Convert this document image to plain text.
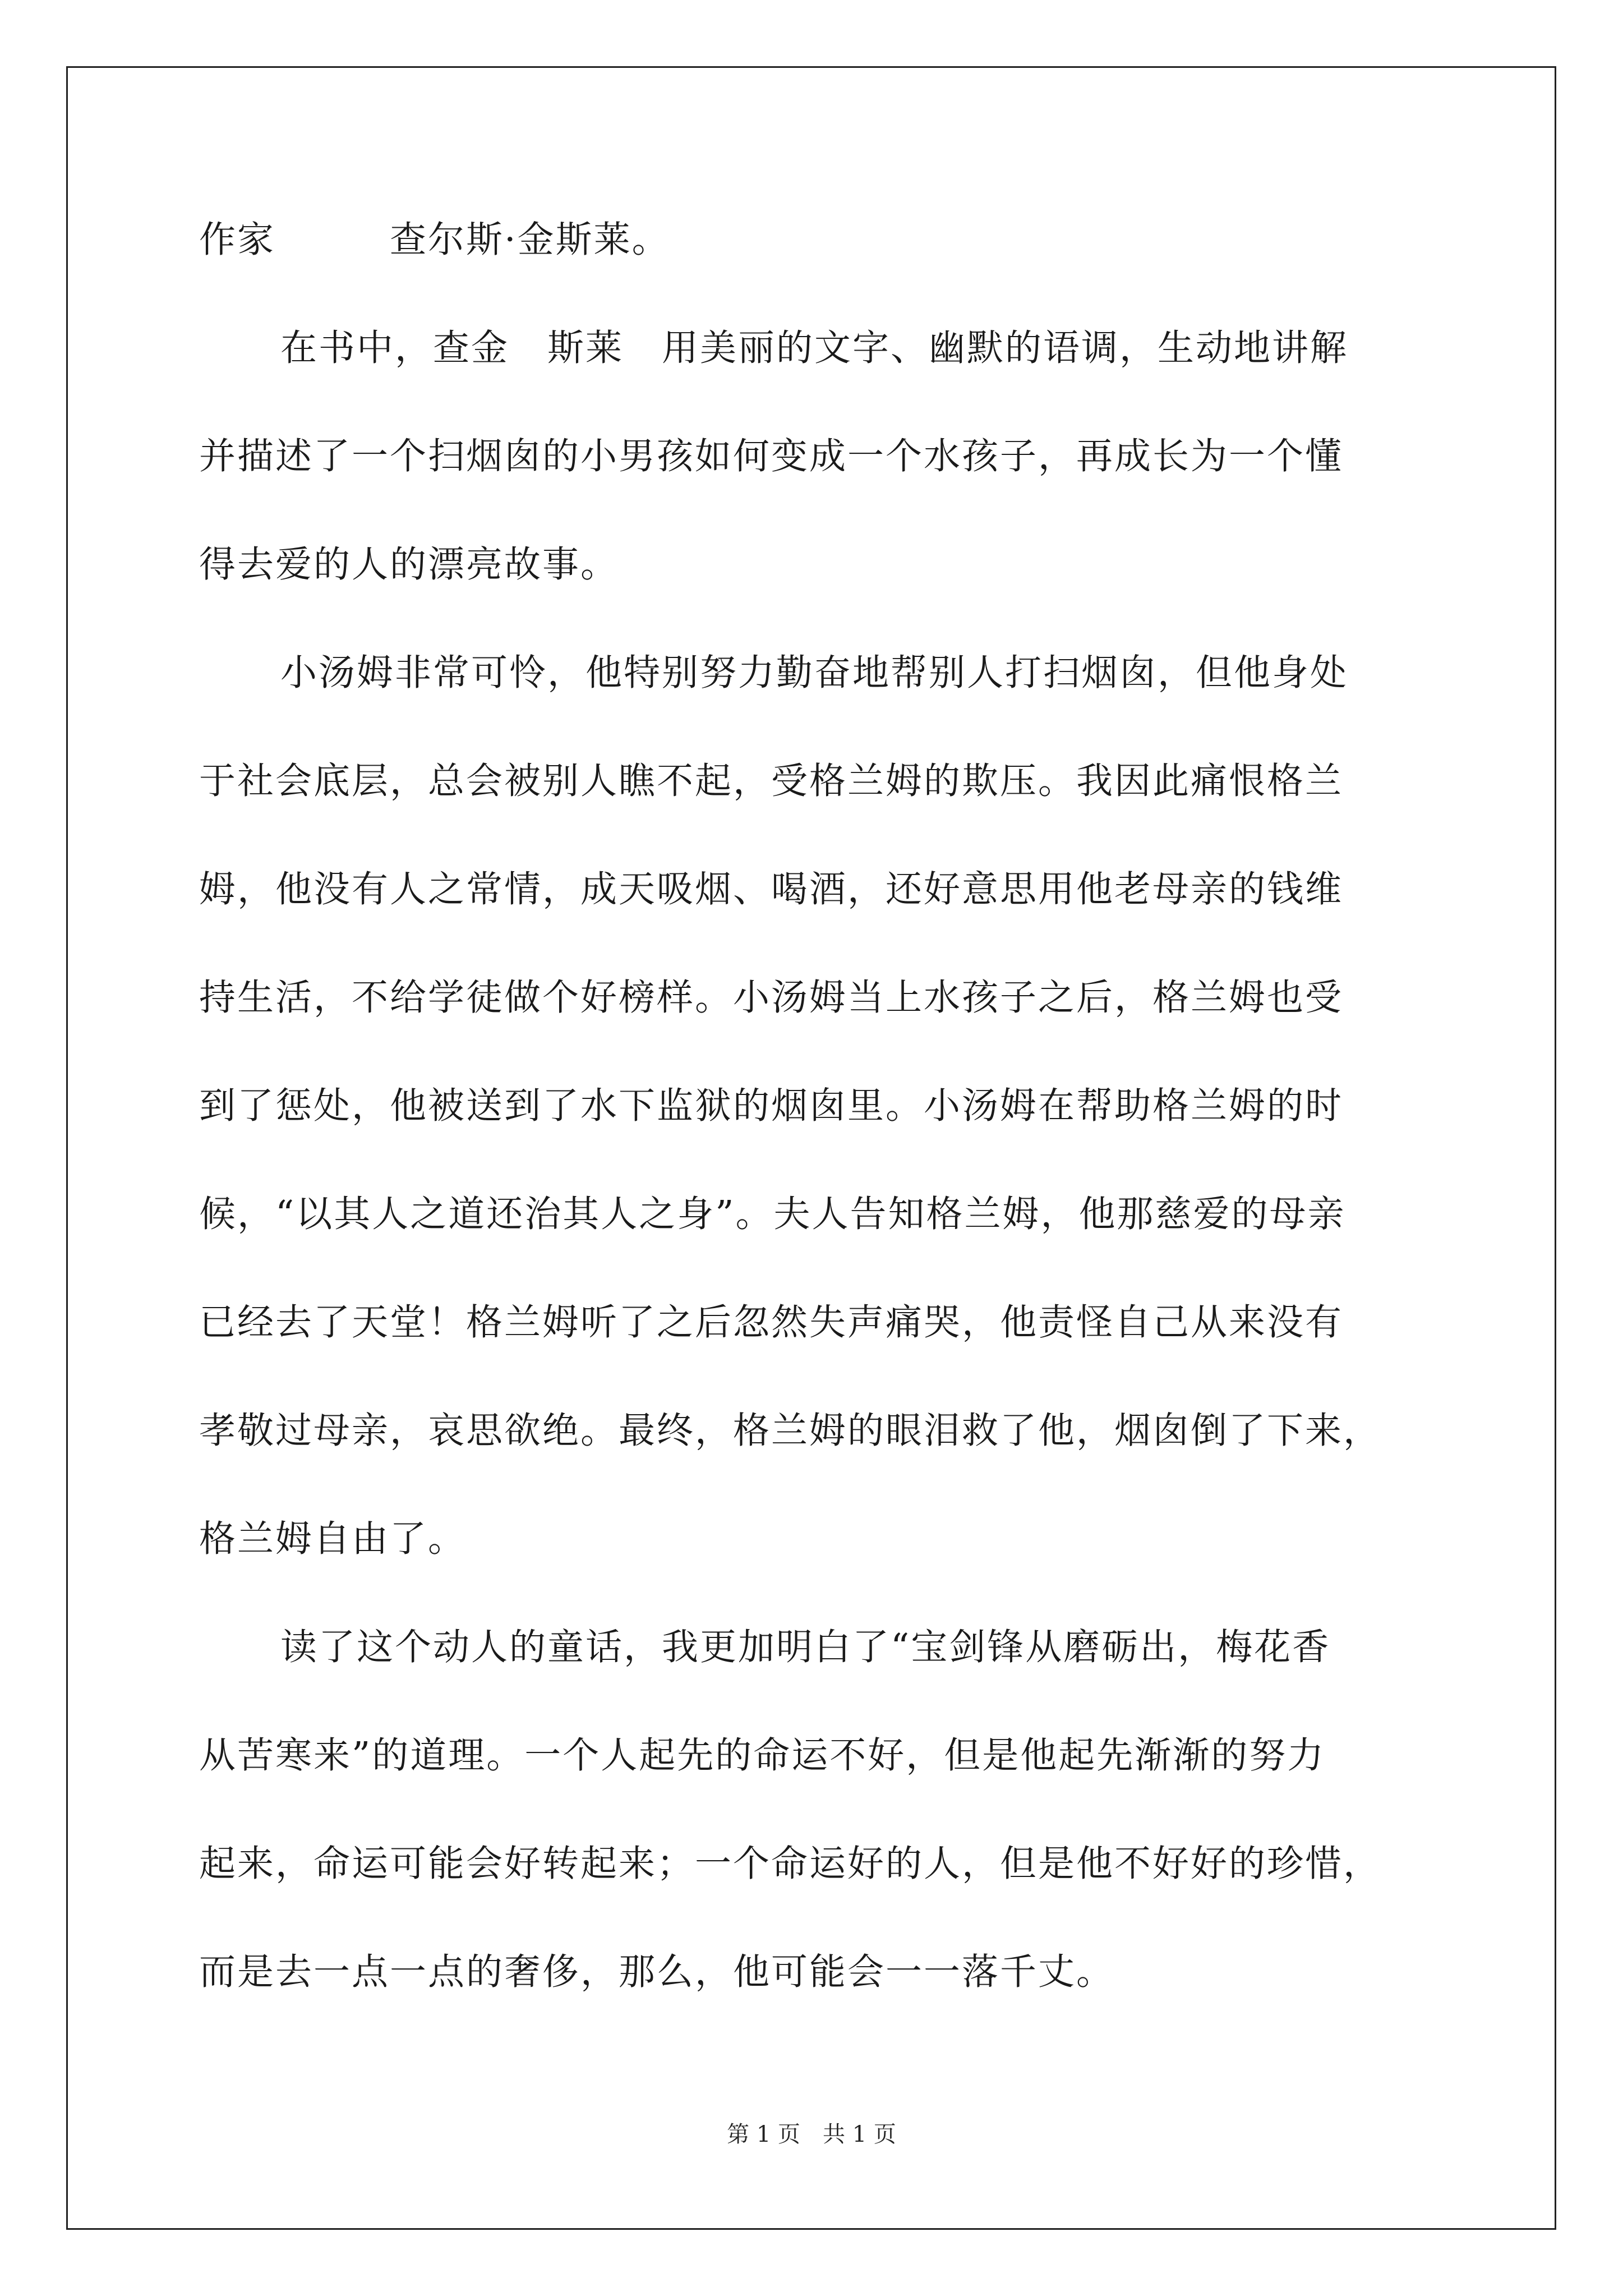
作家　　　查尔斯·金斯莱。

在书中，查金　斯莱　用美丽的文字、幽默的语调，生动地讲解

并描述了一个扫烟囱的小男孩如何变成一个水孩子，再成长为一个懂

得去爱的人的漂亮故事。

小汤姆非常可怜，他特别努力勤奋地帮别人打扫烟囱，但他身处

于社会底层，总会被别人瞧不起，受格兰姆的欺压。我因此痛恨格兰

姆，他没有人之常情，成天吸烟、喝酒，还好意思用他老母亲的钱维

持生活，不给学徒做个好榜样。小汤姆当上水孩子之后，格兰姆也受

到了惩处，他被送到了水下监狱的烟囱里。小汤姆在帮助格兰姆的时

候，“以其人之道还治其人之身”。夫人告知格兰姆，他那慈爱的母亲

已经去了天堂！格兰姆听了之后忽然失声痛哭，他责怪自己从来没有

孝敬过母亲，哀思欲绝。最终，格兰姆的眼泪救了他，烟囱倒了下来，

格兰姆自由了。

读了这个动人的童话，我更加明白了“宝剑锋从磨砺出，梅花香

从苦寒来”的道理。一个人起先的命运不好，但是他起先渐渐的努力

起来，命运可能会好转起来；一个命运好的人，但是他不好好的珍惜，

而是去一点一点的奢侈，那么，他可能会一一落千丈。

第 1 页　共 1 页
